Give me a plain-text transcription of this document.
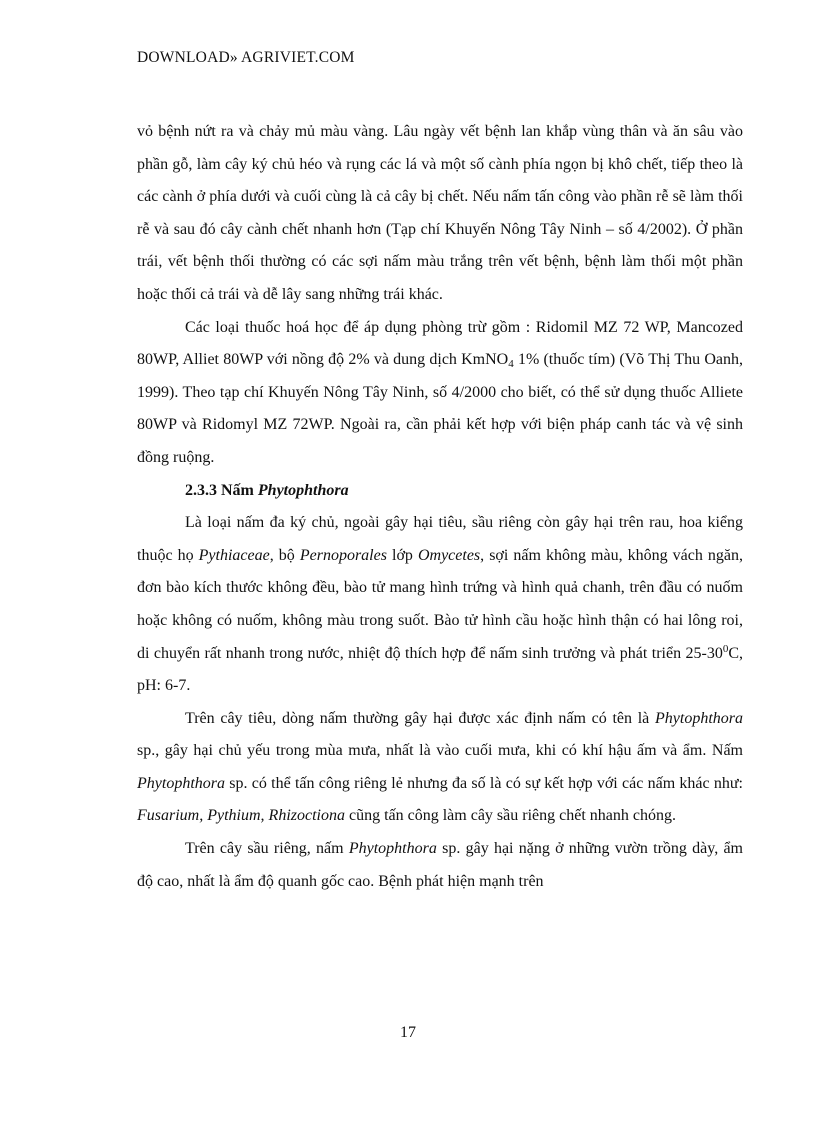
DOWNLOAD» AGRIVIET.COM

vỏ bệnh nứt ra và chảy mủ màu vàng. Lâu ngày vết bệnh lan khắp vùng thân và ăn sâu vào phần gỗ, làm cây ký chủ héo và rụng các lá và một số cành phía ngọn bị khô chết, tiếp theo là các cành ở phía dưới và cuối cùng là cả cây bị chết. Nếu nấm tấn công vào phần rễ sẽ làm thối rễ và sau đó cây cành chết nhanh hơn (Tạp chí Khuyến Nông Tây Ninh – số 4/2002). Ở phần trái, vết bệnh thối thường có các sợi nấm màu trắng trên vết bệnh, bệnh làm thối một phần hoặc thối cả trái và dễ lây sang những trái khác.

Các loại thuốc hoá học để áp dụng phòng trừ gồm : Ridomil MZ 72 WP, Mancozed 80WP, Alliet 80WP với nồng độ 2% và dung dịch KmNO$_4$ 1% (thuốc tím) (Võ Thị Thu Oanh, 1999). Theo tạp chí Khuyến Nông Tây Ninh, số 4/2000 cho biết, có thể sử dụng thuốc Alliete 80WP và Ridomyl MZ 72WP. Ngoài ra, cần phải kết hợp với biện pháp canh tác và vệ sinh đồng ruộng.

2.3.3 Nấm Phytophthora

Là loại nấm đa ký chủ, ngoài gây hại tiêu, sầu riêng còn gây hại trên rau, hoa kiểng thuộc họ Pythiaceae, bộ Pernoporales lớp Omycetes, sợi nấm không màu, không vách ngăn, đơn bào kích thước không đều, bào tử mang hình trứng và hình quả chanh, trên đầu có nuốm hoặc không có nuốm, không màu trong suốt. Bào tử hình cầu hoặc hình thận có hai lông roi, di chuyển rất nhanh trong nước, nhiệt độ thích hợp để nấm sinh trưởng và phát triển $25-30^0C$, pH: 6-7.

Trên cây tiêu, dòng nấm thường gây hại được xác định nấm có tên là Phytophthora sp., gây hại chủ yếu trong mùa mưa, nhất là vào cuối mưa, khi có khí hậu ấm và ẩm. Nấm Phytophthora sp. có thể tấn công riêng lẻ nhưng đa số là có sự kết hợp với các nấm khác như: Fusarium, Pythium, Rhizoctiona cũng tấn công làm cây sầu riêng chết nhanh chóng.

Trên cây sầu riêng, nấm Phytophthora sp. gây hại nặng ở những vườn trồng dày, ẩm độ cao, nhất là ẩm độ quanh gốc cao. Bệnh phát hiện mạnh trên

17
